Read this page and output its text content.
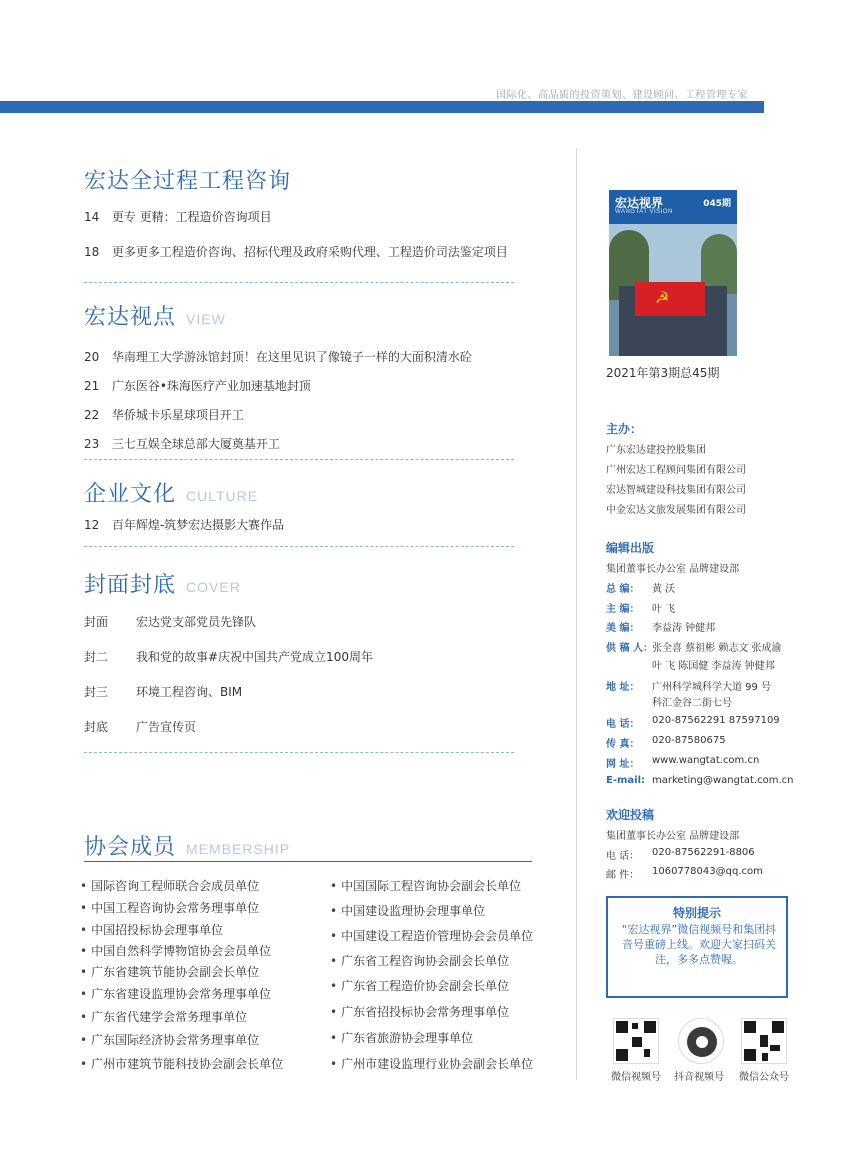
国际化、高品质的投资策划、建设顾问、工程管理专家
宏达全过程工程咨询
14 更专 更精：工程造价咨询项目
18 更多更多工程造价咨询、招标代理及政府采购代理、工程造价司法鉴定项目
宏达视点 VIEW
20 华南理工大学游泳馆封顶！在这里见识了像镜子一样的大面积清水砼
21 广东医谷•珠海医疗产业加速基地封顶
22 华侨城卡乐星球项目开工
23 三七互娱全球总部大厦奠基开工
企业文化 CULTURE
12 百年辉煌-筑梦宏达摄影大赛作品
封面封底 COVER
封面 宏达党支部党员先锋队
封二 我和党的故事#庆祝中国共产党成立100周年
封三 环境工程咨询、BIM
封底 广告宣传页
协会成员 MEMBERSHIP
• 国际咨询工程师联合会成员单位
• 中国工程咨询协会常务理事单位
• 中国招投标协会理事单位
• 中国自然科学博物馆协会会员单位
• 广东省建筑节能协会副会长单位
• 广东省建设监理协会常务理事单位
• 广东省代建学会常务理事单位
• 广东国际经济协会常务理事单位
• 广州市建筑节能科技协会副会长单位
• 中国国际工程咨询协会副会长单位
• 中国建设监理协会理事单位
• 中国建设工程造价管理协会会员单位
• 广东省工程咨询协会副会长单位
• 广东省工程造价协会副会长单位
• 广东省招投标协会常务理事单位
• 广东省旅游协会理事单位
• 广州市建设监理行业协会副会长单位
☭
宏达视界
WANGTAT VISION
045期
2021年第3期总45期
主办：
广东宏达建投控股集团
广州宏达工程顾问集团有限公司
宏达智城建设科技集团有限公司
中金宏达文旅发展集团有限公司
编辑出版
集团董事长办公室 品牌建设部
总 编： 黄 沃
主 编： 叶 飞
美 编： 李益涛 钟健邦
供 稿 人： 张全喜 蔡祖彬 赖志文 张成渝
叶 飞 陈国健 李益涛 钟健邦
地 址： 广州科学城科学大道 99 号
科汇金谷二街七号
电 话： 020-87562291 87597109
传 真： 020-87580675
网 址： www.wangtat.com.cn
E-mail: marketing@wangtat.com.cn
欢迎投稿
集团董事长办公室 品牌建设部
电 话： 020-87562291-8806
邮 件： 1060778043@qq.com
特别提示
“宏达视界”微信视频号和集团抖音号重磅上线。欢迎大家扫码关注，多多点赞喔。
微信视频号 抖音视频号 微信公众号
